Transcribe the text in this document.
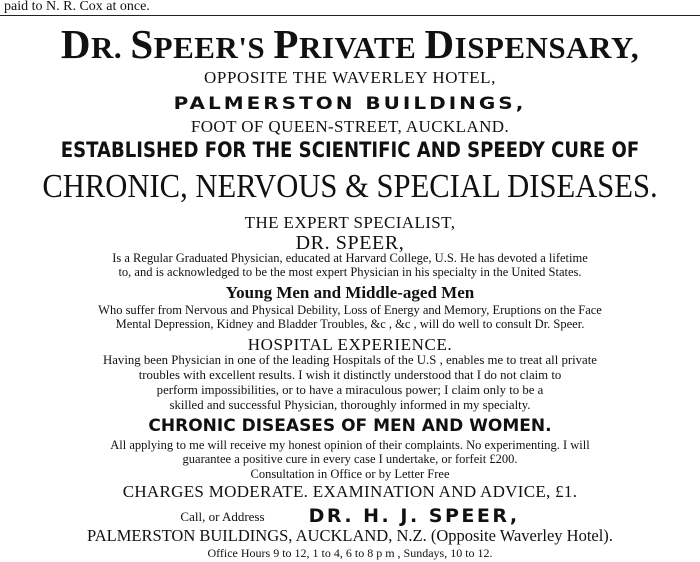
paid to N. R. Cox at once.
DR. SPEER'S PRIVATE DISPENSARY,
OPPOSITE THE WAVERLEY HOTEL,
PALMERSTON BUILDINGS,
FOOT OF QUEEN-STREET, AUCKLAND.
ESTABLISHED FOR THE SCIENTIFIC AND SPEEDY CURE OF
CHRONIC, NERVOUS & SPECIAL DISEASES.
THE EXPERT SPECIALIST,
DR. SPEER,
Is a Regular Graduated Physician, educated at Harvard College, U.S. He has devoted a lifetime
to, and is acknowledged to be the most expert Physician in his specialty in the United States.
Young Men and Middle-aged Men
Who suffer from Nervous and Physical Debility, Loss of Energy and Memory, Eruptions on the Face
Mental Depression, Kidney and Bladder Troubles, &c , &c , will do well to consult Dr. Speer.
HOSPITAL EXPERIENCE.
Having been Physician in one of the leading Hospitals of the U.S , enables me to treat all private
troubles with excellent results. I wish it distinctly understood that I do not claim to
perform impossibilities, or to have a miraculous power; I claim only to be a
skilled and successful Physician, thoroughly informed in my specialty.
CHRONIC DISEASES OF MEN AND WOMEN.
All applying to me will receive my honest opinion of their complaints. No experimenting. I will
guarantee a positive cure in every case I undertake, or forfeit £200.
Consultation in Office or by Letter Free
CHARGES MODERATE. EXAMINATION AND ADVICE, £1.
Call, or Address DR. H. J. SPEER,
PALMERSTON BUILDINGS, AUCKLAND, N.Z. (Opposite Waverley Hotel).
Office Hours 9 to 12, 1 to 4, 6 to 8 p m , Sundays, 10 to 12.
